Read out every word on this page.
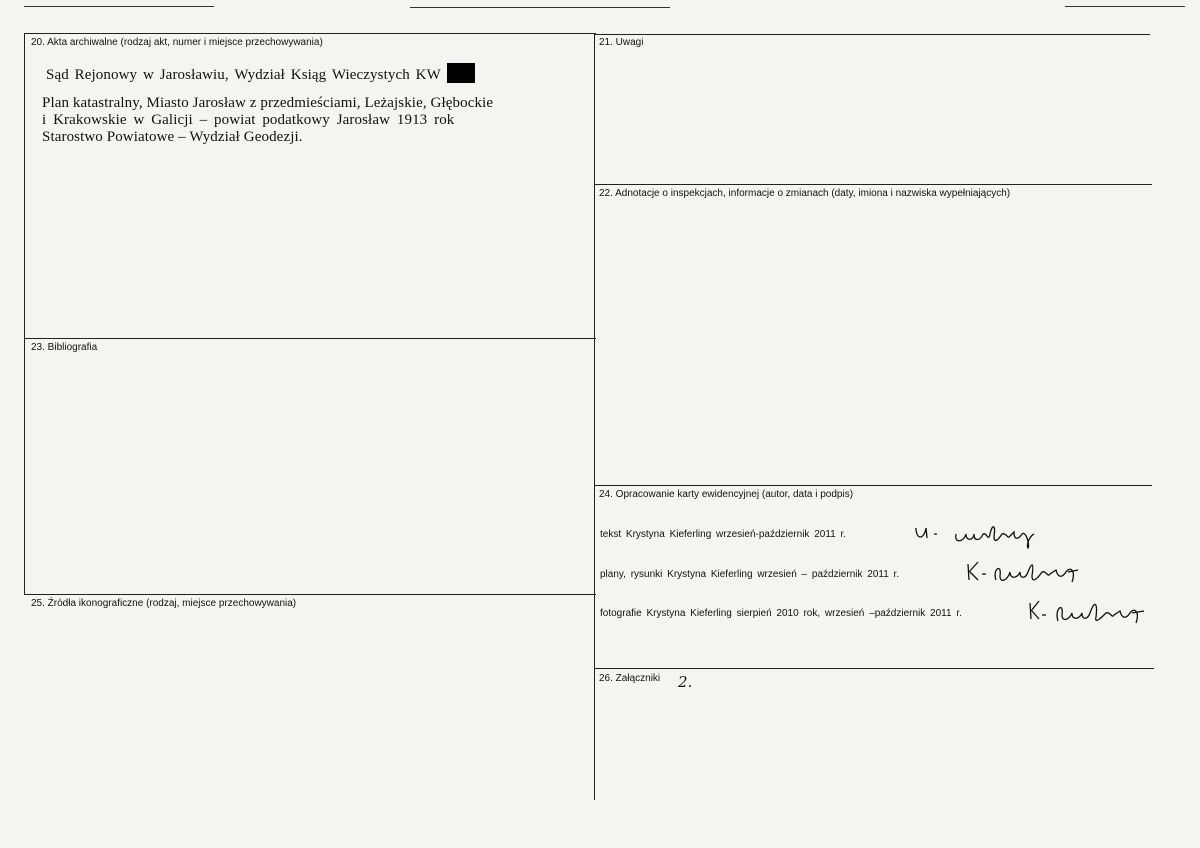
20. Akta archiwalne (rodzaj akt, numer i miejsce przechowywania)
Sąd Rejonowy w Jarosławiu, Wydział Ksiąg Wieczystych KW
Plan katastralny, Miasto Jarosław z przedmieściami, Leżajskie, Głębockie
i Krakowskie w Galicji – powiat podatkowy Jarosław 1913 rok
Starostwo Powiatowe – Wydział Geodezji.
21. Uwagi
22. Adnotacje o inspekcjach, informacje o zmianach (daty, imiona i nazwiska wypełniających)
23. Bibliografia
24. Opracowanie karty ewidencyjnej (autor, data i podpis)
tekst Krystyna Kieferling wrzesień-październik 2011 r.
plany, rysunki Krystyna Kieferling wrzesień – październik 2011 r.
fotografie Krystyna Kieferling sierpień 2010 rok, wrzesień –październik 2011 r.
25. Źródła ikonograficzne (rodzaj, miejsce przechowywania)
26. Załączniki 2.
